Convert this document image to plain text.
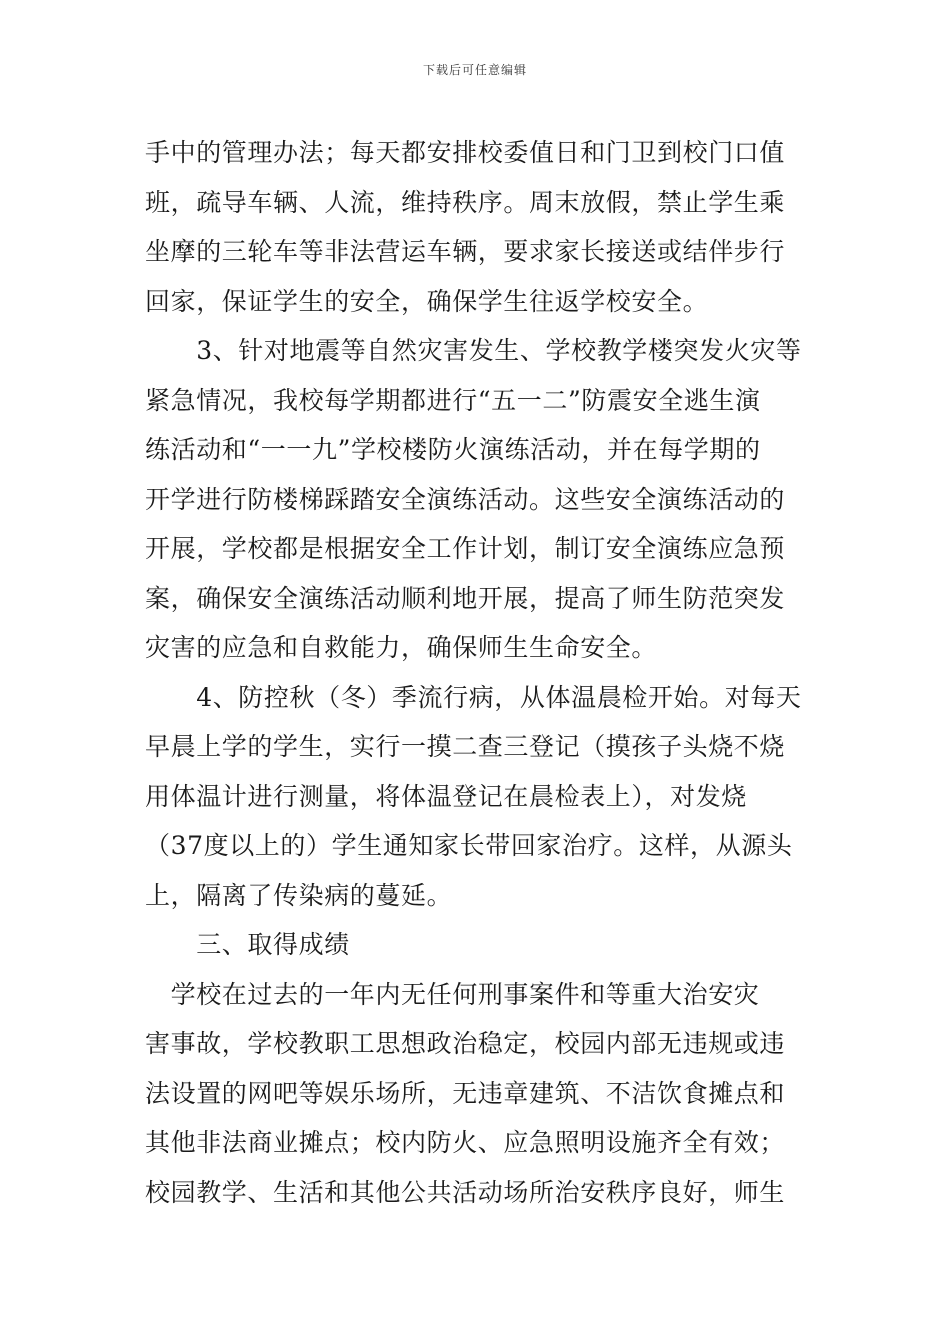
下载后可任意编辑
手中的管理办法；每天都安排校委值日和门卫到校门口值
班，疏导车辆、人流，维持秩序。周末放假，禁止学生乘
坐摩的三轮车等非法营运车辆，要求家长接送或结伴步行
回家，保证学生的安全，确保学生往返学校安全。
　　3、针对地震等自然灾害发生、学校教学楼突发火灾等
紧急情况，我校每学期都进行“五一二”防震安全逃生演
练活动和“一一九”学校楼防火演练活动，并在每学期的
开学进行防楼梯踩踏安全演练活动。这些安全演练活动的
开展，学校都是根据安全工作计划，制订安全演练应急预
案，确保安全演练活动顺利地开展，提高了师生防范突发
灾害的应急和自救能力，确保师生生命安全。
　　4、防控秋（冬）季流行病，从体温晨检开始。对每天
早晨上学的学生，实行一摸二查三登记（摸孩子头烧不烧
用体温计进行测量，将体温登记在晨检表上），对发烧
（37度以上的）学生通知家长带回家治疗。这样，从源头
上，隔离了传染病的蔓延。
　　三、取得成绩
　学校在过去的一年内无任何刑事案件和等重大治安灾
害事故，学校教职工思想政治稳定，校园内部无违规或违
法设置的网吧等娱乐场所，无违章建筑、不洁饮食摊点和
其他非法商业摊点；校内防火、应急照明设施齐全有效；
校园教学、生活和其他公共活动场所治安秩序良好，师生
